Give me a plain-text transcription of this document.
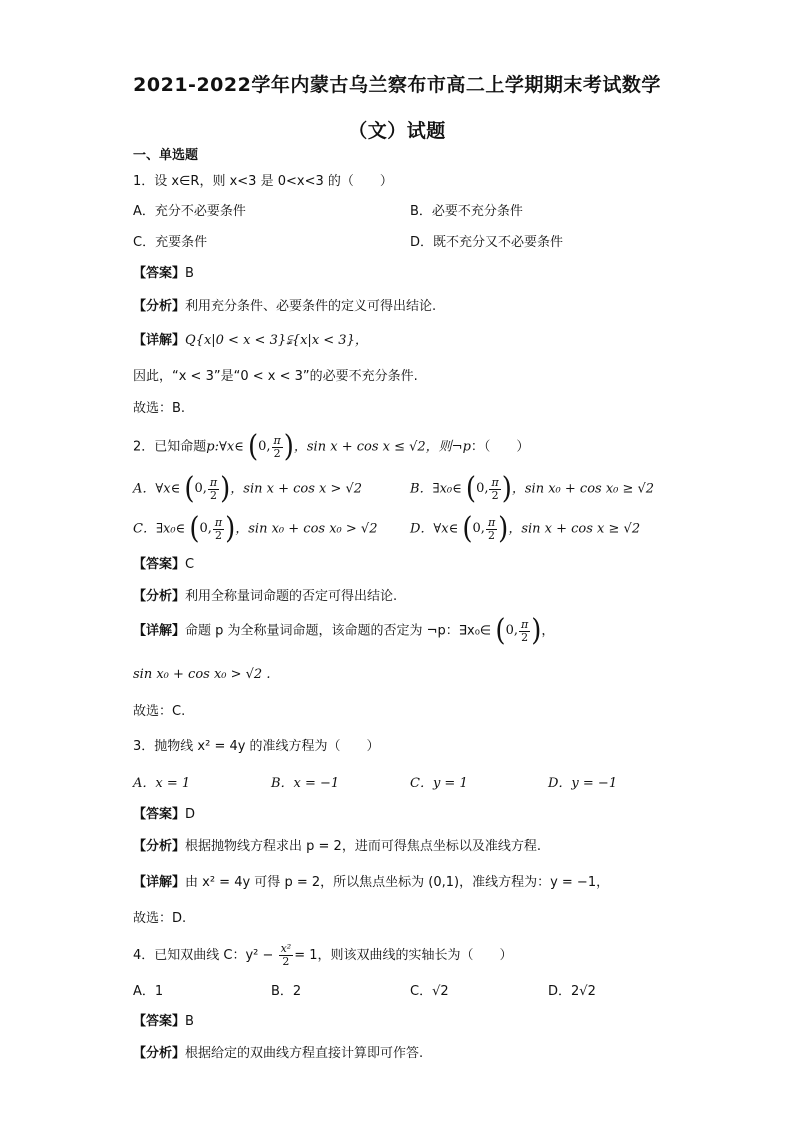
2021-2022学年内蒙古乌兰察布市高二上学期期末考试数学
（文）试题
一、单选题
1．设 x∈R，则 x<3 是 0<x<3 的（　　）
A．充分不必要条件	B．必要不充分条件
C．充要条件	D．既不充分又不必要条件
【答案】B
【分析】利用充分条件、必要条件的定义可得出结论.
【详解】Q{x|0 < x < 3}⫋{x|x < 3}，
因此，“x < 3”是“0 < x < 3”的必要不充分条件.
故选：B.
2．已知命题p:∀x∈ ( 0, $\frac{\pi}{2}$ ) ，sin x + cos x ≤ √2，则¬p：（　　）
A．∀x∈ ( 0, $\frac{\pi}{2}$ ) ，sin x + cos x > √2	B．∃x₀∈ ( 0, $\frac{\pi}{2}$ ) ，sin x₀ + cos x₀ ≥ √2
C．∃x₀∈ ( 0, $\frac{\pi}{2}$ ) ，sin x₀ + cos x₀ > √2	D．∀x∈ ( 0, $\frac{\pi}{2}$ ) ，sin x + cos x ≥ √2
【答案】C
【分析】利用全称量词命题的否定可得出结论.
【详解】命题 p 为全称量词命题，该命题的否定为 ¬p：∃x₀∈ ( 0, $\frac{\pi}{2}$ ) ，
sin x₀ + cos x₀ > √2 .
故选：C.
3．抛物线 x² = 4y 的准线方程为（　　）
A．x = 1	B．x = −1	C．y = 1	D．y = −1
【答案】D
【分析】根据抛物线方程求出 p = 2，进而可得焦点坐标以及准线方程.
【详解】由 x² = 4y 可得 p = 2，所以焦点坐标为 (0,1)，准线方程为：y = −1，
故选：D.
4．已知双曲线 C：$y^2 - \frac{\text{x²}}{2} = 1$，则该双曲线的实轴长为（　　）
A．1	B．2	C．√2	D．2√2
【答案】B
【分析】根据给定的双曲线方程直接计算即可作答.
